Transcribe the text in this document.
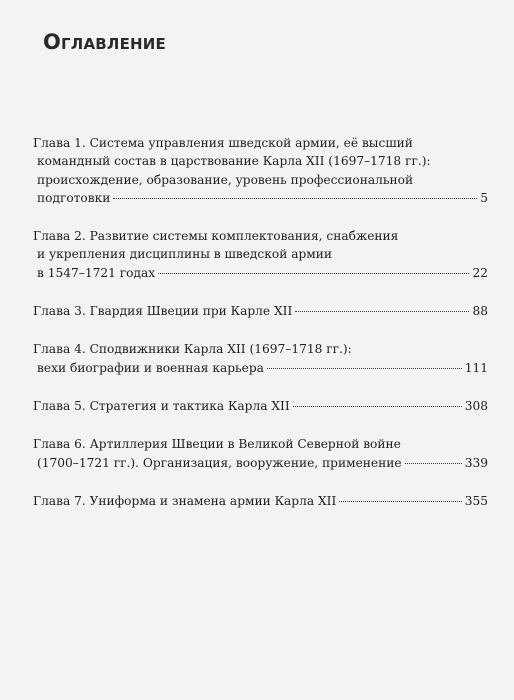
Оглавление
Глава 1. Система управления шведской армии, её высший
командный состав в царствование Карла XII (1697–1718 гг.):
происхождение, образование, уровень профессиональной
подготовки	5
Глава 2. Развитие системы комплектования, снабжения
и укрепления дисциплины в шведской армии
в 1547–1721 годах	22
Глава 3. Гвардия Швеции при Карле XII	88
Глава 4. Сподвижники Карла XII (1697–1718 гг.):
вехи биографии и военная карьера	111
Глава 5. Стратегия и тактика Карла XII	308
Глава 6. Артиллерия Швеции в Великой Северной войне
(1700–1721 гг.). Организация, вооружение, применение	339
Глава 7. Униформа и знамена армии Карла XII	355
